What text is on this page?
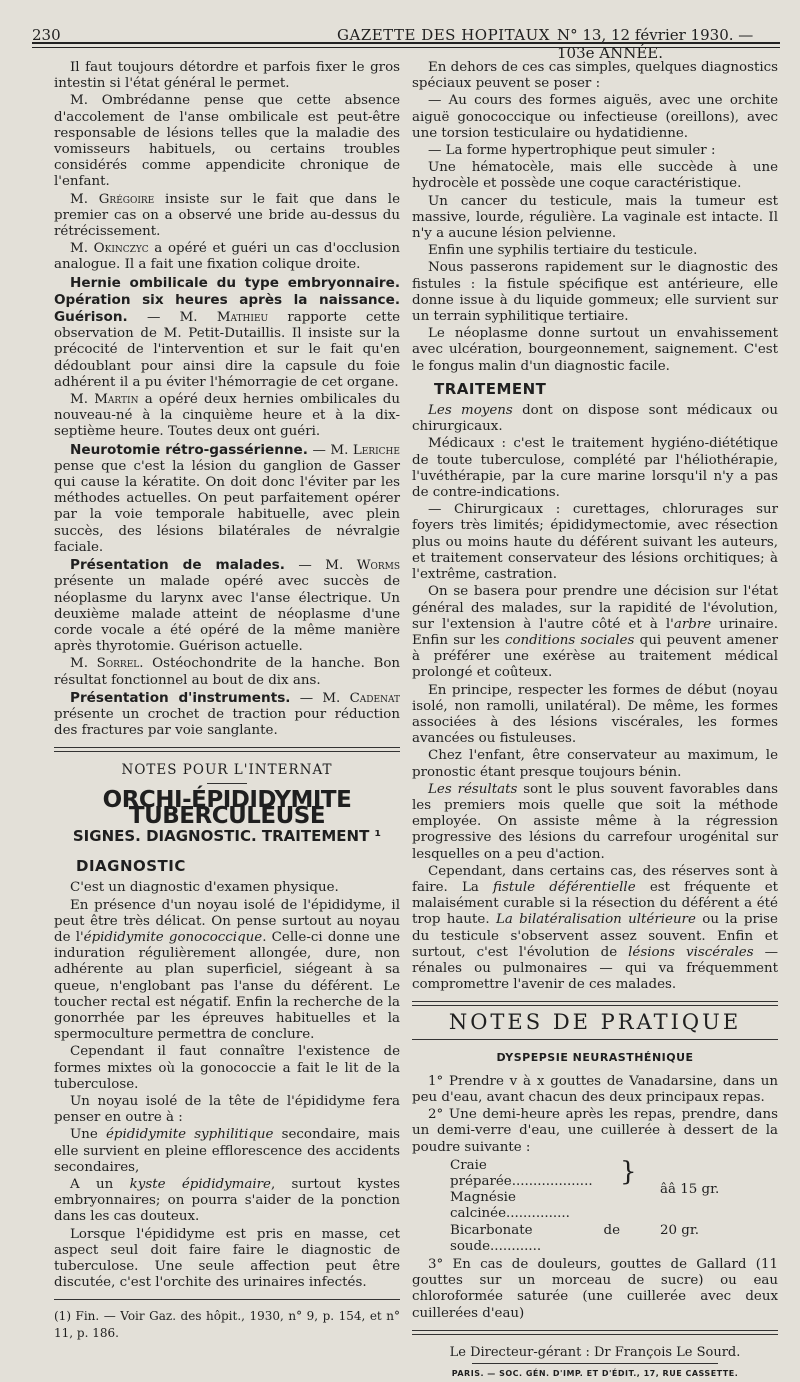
230	GAZETTE DES HOPITAUX N° 13, 12 février 1930. — 103e ANNÉE.

Il faut toujours détordre et parfois fixer le gros intestin si l'état général le permet.

M. Ombrédanne pense que cette absence d'accolement de l'anse ombilicale est peut-être responsable de lésions telles que la maladie des vomisseurs habituels, ou certains troubles considérés comme appendicite chronique de l'enfant.

M. Grégoire insiste sur le fait que dans le premier cas on a observé une bride au-dessus du rétrécissement.

M. Okinczyc a opéré et guéri un cas d'occlusion analogue. Il a fait une fixation colique droite.

Hernie ombilicale du type embryonnaire. Opération six heures après la naissance. Guérison. — M. Mathieu rapporte cette observation de M. Petit-Dutaillis. Il insiste sur la précocité de l'intervention et sur le fait qu'en dédoublant pour ainsi dire la capsule du foie adhérent il a pu éviter l'hémorragie de cet organe.

M. Martin a opéré deux hernies ombilicales du nouveau-né à la cinquième heure et à la dix-septième heure. Toutes deux ont guéri.

Neurotomie rétro-gassérienne. — M. Leriche pense que c'est la lésion du ganglion de Gasser qui cause la kératite. On doit donc l'éviter par les méthodes actuelles. On peut parfaitement opérer par la voie temporale habituelle, avec plein succès, des lésions bilatérales de névralgie faciale.

Présentation de malades. — M. Worms présente un malade opéré avec succès de néoplasme du larynx avec l'anse électrique. Un deuxième malade atteint de néoplasme d'une corde vocale a été opéré de la même manière après thyrotomie. Guérison actuelle.

M. Sorrel. Ostéochondrite de la hanche. Bon résultat fonctionnel au bout de dix ans.

Présentation d'instruments. — M. Cadenat présente un crochet de traction pour réduction des fractures par voie sanglante.

NOTES POUR L'INTERNAT
ORCHI-ÉPIDIDYMITE TUBERCULEUSE
SIGNES. DIAGNOSTIC. TRAITEMENT ¹
DIAGNOSTIC

C'est un diagnostic d'examen physique.

En présence d'un noyau isolé de l'épididyme, il peut être très délicat. On pense surtout au noyau de l'épididymite gonococcique. Celle-ci donne une induration régulièrement allongée, dure, non adhérente au plan superficiel, siégeant à sa queue, n'englobant pas l'anse du déférent. Le toucher rectal est négatif. Enfin la recherche de la gonorrhée par les épreuves habituelles et la spermoculture permettra de conclure.

Cependant il faut connaître l'existence de formes mixtes où la gonococcie a fait le lit de la tuberculose.

Un noyau isolé de la tête de l'épididyme fera penser en outre à :

Une épididymite syphilitique secondaire, mais elle survient en pleine efflorescence des accidents secondaires,

A un kyste épididymaire, surtout kystes embryonnaires; on pourra s'aider de la ponction dans les cas douteux.

Lorsque l'épididyme est pris en masse, cet aspect seul doit faire faire le diagnostic de tuberculose. Une seule affection peut être discutée, c'est l'orchite des urinaires infectés.

(1) Fin. — Voir Gaz. des hôpit., 1930, n° 9, p. 154, et n° 11, p. 186.

En dehors de ces cas simples, quelques diagnostics spéciaux peuvent se poser :

— Au cours des formes aiguës, avec une orchite aiguë gonococcique ou infectieuse (oreillons), avec une torsion testiculaire ou hydatidienne.

— La forme hypertrophique peut simuler :

Une hématocèle, mais elle succède à une hydrocèle et possède une coque caractéristique.

Un cancer du testicule, mais la tumeur est massive, lourde, régulière. La vaginale est intacte. Il n'y a aucune lésion pelvienne.

Enfin une syphilis tertiaire du testicule.

Nous passerons rapidement sur le diagnostic des fistules : la fistule spécifique est antérieure, elle donne issue à du liquide gommeux; elle survient sur un terrain syphilitique tertiaire.

Le néoplasme donne surtout un envahissement avec ulcération, bourgeonnement, saignement. C'est le fongus malin d'un diagnostic facile.

TRAITEMENT

Les moyens dont on dispose sont médicaux ou chirurgicaux.

Médicaux : c'est le traitement hygiéno-diététique de toute tuberculose, complété par l'héliothérapie, l'uvéthérapie, par la cure marine lorsqu'il n'y a pas de contre-indications.

— Chirurgicaux : curettages, chlorurages sur foyers très limités; épididymectomie, avec résection plus ou moins haute du déférent suivant les auteurs, et traitement conservateur des lésions orchitiques; à l'extrême, castration.

On se basera pour prendre une décision sur l'état général des malades, sur la rapidité de l'évolution, sur l'extension à l'autre côté et à l'arbre urinaire. Enfin sur les conditions sociales qui peuvent amener à préférer une exérèse au traitement médical prolongé et coûteux.

En principe, respecter les formes de début (noyau isolé, non ramolli, unilatéral). De même, les formes associées à des lésions viscérales, les formes avancées ou fistuleuses.

Chez l'enfant, être conservateur au maximum, le pronostic étant presque toujours bénin.

Les résultats sont le plus souvent favorables dans les premiers mois quelle que soit la méthode employée. On assiste même à la régression progressive des lésions du carrefour urogénital sur lesquelles on a peu d'action.

Cependant, dans certains cas, des réserves sont à faire. La fistule déférentielle est fréquente et malaisément curable si la résection du déférent a été trop haute. La bilatéralisation ultérieure ou la prise du testicule s'observent assez souvent. Enfin et surtout, c'est l'évolution de lésions viscérales — rénales ou pulmonaires — qui va fréquemment compromettre l'avenir de ces malades.

NOTES DE PRATIQUE
DYSPEPSIE NEURASTHÉNIQUE

1° Prendre v à x gouttes de Vanadarsine, dans un peu d'eau, avant chacun des deux principaux repas.

2° Une demi-heure après les repas, prendre, dans un demi-verre d'eau, une cuillerée à dessert de la poudre suivante :

Craie préparée...................	}
ââ 15 gr.
Magnésie calcinée...............
Bicarbonate de soude............
20 gr.

3° En cas de douleurs, gouttes de Gallard (11 gouttes sur un morceau de sucre) ou eau chloroformée saturée (une cuillerée avec deux cuillerées d'eau)

Le Directeur-gérant : Dr François Le Sourd.
PARIS. — SOC. GÉN. D'IMP. ET D'ÉDIT., 17, RUE CASSETTE.
